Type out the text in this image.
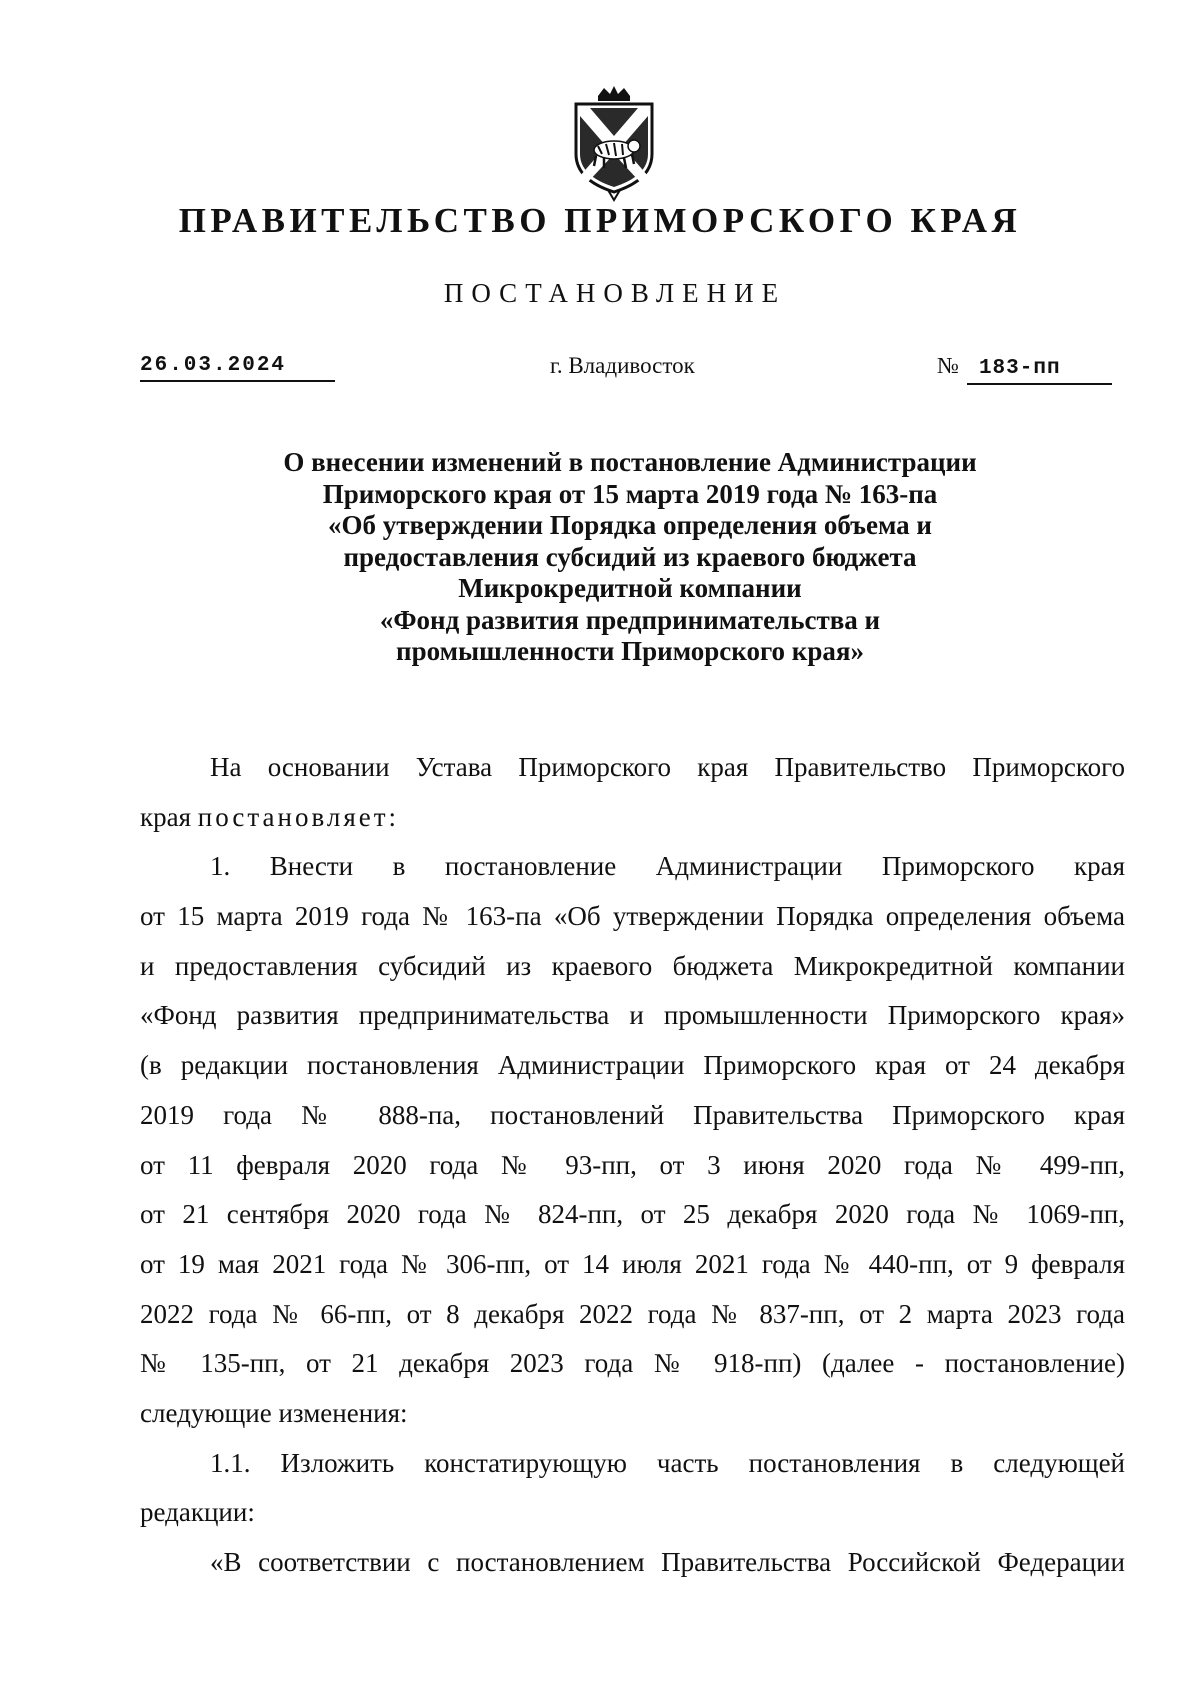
ПРАВИТЕЛЬСТВО ПРИМОРСКОГО КРАЯ
ПОСТАНОВЛЕНИЕ
26.03.2024	г. Владивосток	№ 183-пп
О внесении изменений в постановление Администрации
Приморского края от 15 марта 2019 года № 163-па
«Об утверждении Порядка определения объема и
предоставления субсидий из краевого бюджета
Микрокредитной компании
«Фонд развития предпринимательства и
промышленности Приморского края»
На основании Устава Приморского края Правительство Приморского
края постановляет:
1. Внести в постановление Администрации Приморского края
от 15 марта 2019 года № 163-па «Об утверждении Порядка определения объема
и предоставления субсидий из краевого бюджета Микрокредитной компании
«Фонд развития предпринимательства и промышленности Приморского края»
(в редакции постановления Администрации Приморского края от 24 декабря
2019 года № 888-па, постановлений Правительства Приморского края
от 11 февраля 2020 года № 93-пп, от 3 июня 2020 года № 499-пп,
от 21 сентября 2020 года № 824-пп, от 25 декабря 2020 года № 1069-пп,
от 19 мая 2021 года № 306-пп, от 14 июля 2021 года № 440-пп, от 9 февраля
2022 года № 66-пп, от 8 декабря 2022 года № 837-пп, от 2 марта 2023 года
№ 135-пп, от 21 декабря 2023 года № 918-пп) (далее - постановление)
следующие изменения:
1.1. Изложить констатирующую часть постановления в следующей
редакции:
«В соответствии с постановлением Правительства Российской Федерации
